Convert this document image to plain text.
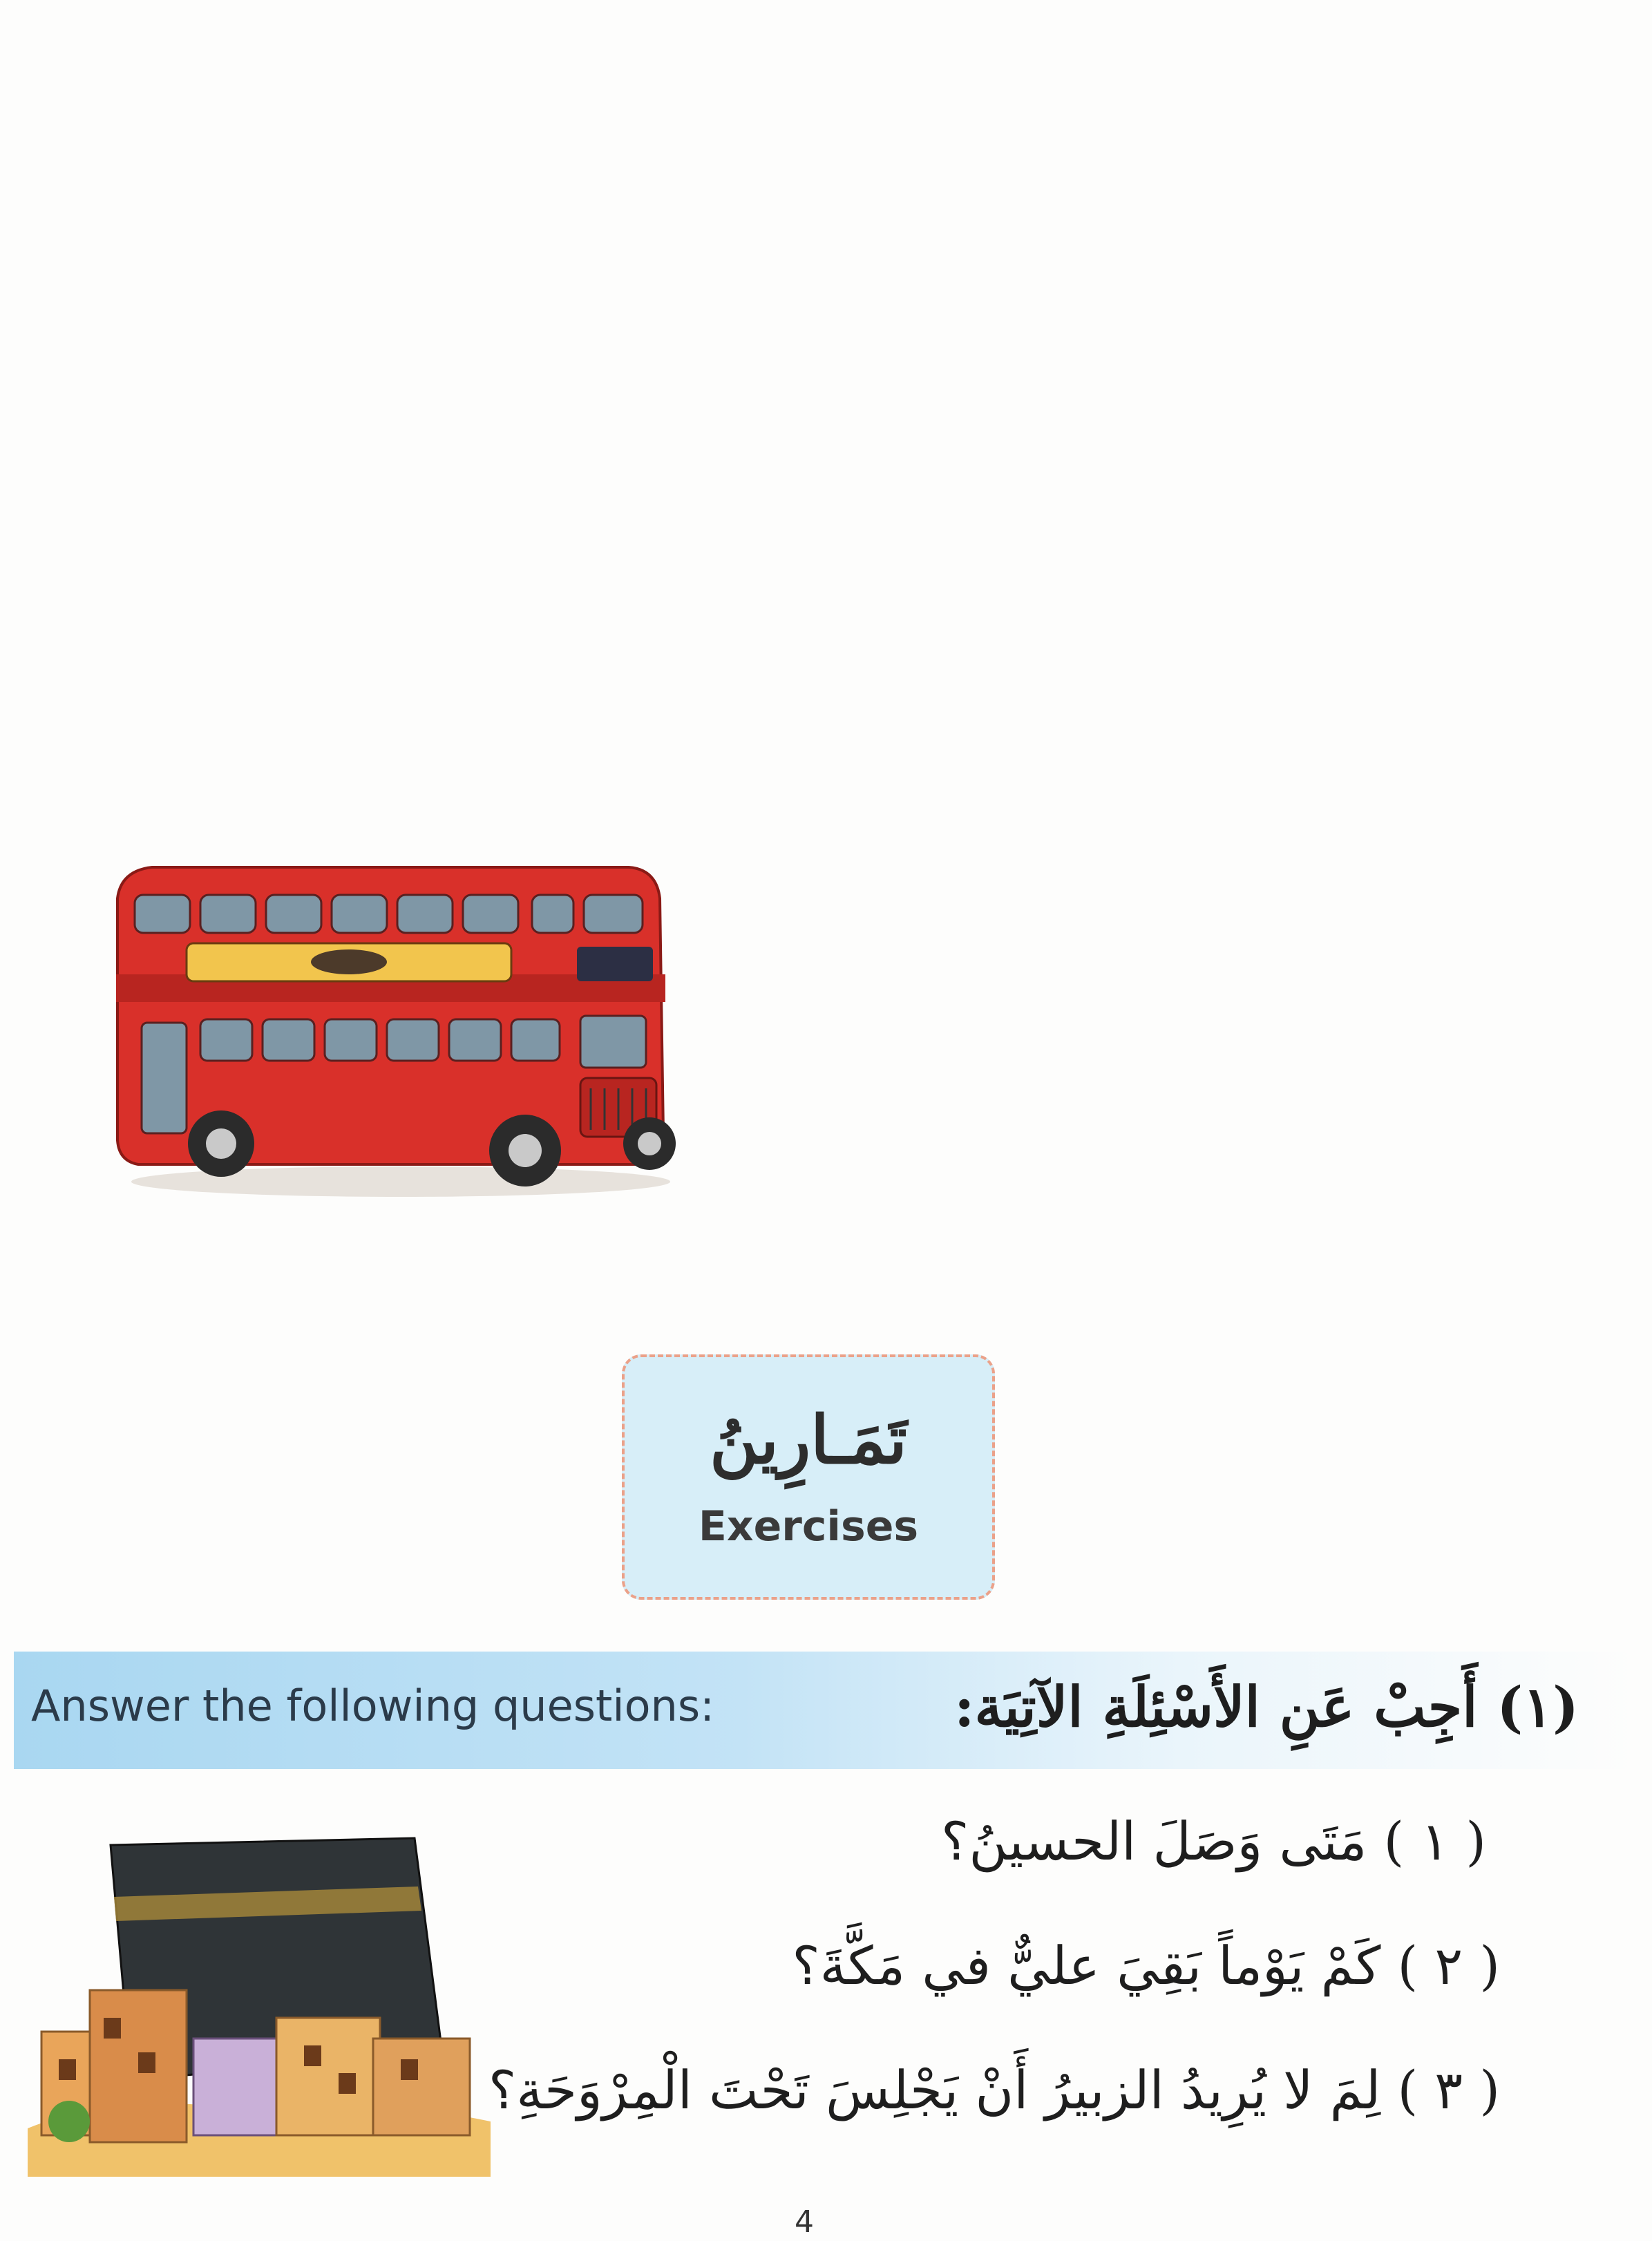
تَمَـارِينُ
Exercises
Answer the following questions:	(١) أَجِبْ عَنِ الأَسْئِلَةِ الآتِيَة:
( ١ ) مَتَى وَصَلَ الحسينُ؟
( ٢ ) كَمْ يَوْماً بَقِيَ عليٌّ في مَكَّةَ؟
( ٣ ) لِمَ لا يُرِيدُ الزبيرُ أَنْ يَجْلِسَ تَحْتَ الْمِرْوَحَةِ؟
4
